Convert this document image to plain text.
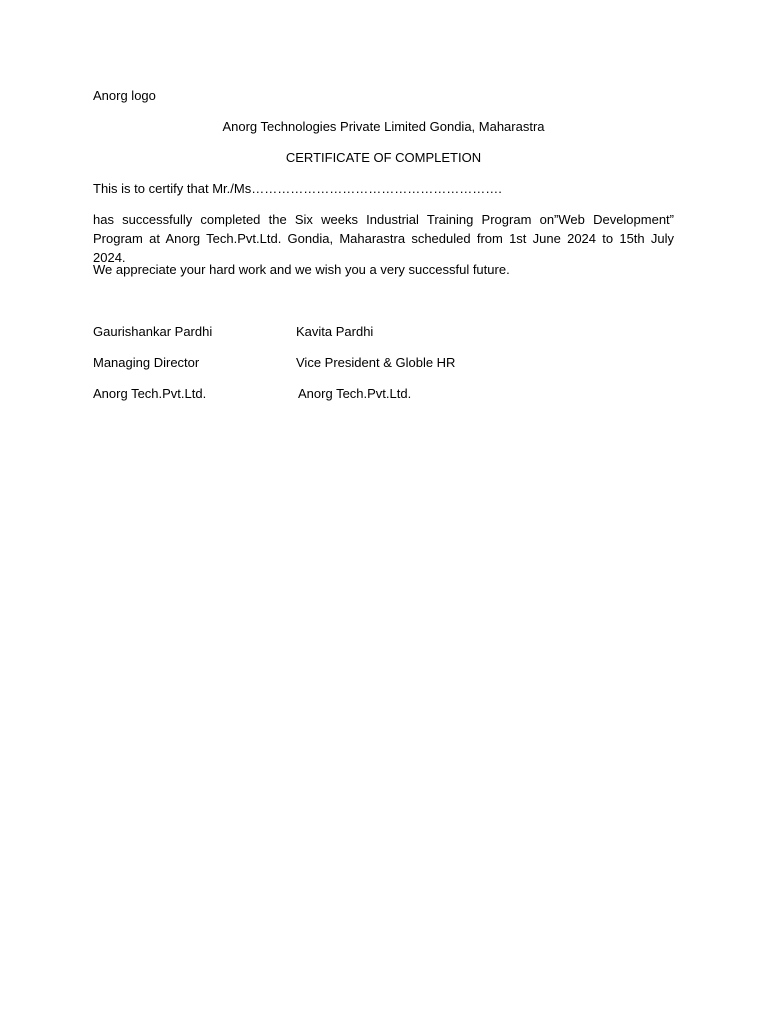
Anorg logo
Anorg Technologies Private Limited Gondia, Maharastra
CERTIFICATE OF COMPLETION
This is to certify that Mr./Ms………………………………………………….
has successfully completed the Six weeks Industrial Training Program on”Web Development” Program at Anorg Tech.Pvt.Ltd. Gondia, Maharastra scheduled from 1st June 2024 to 15th July 2024.
We appreciate your hard work and we wish you a very successful future.
Gaurishankar Pardhi	Kavita Pardhi
Managing Director	Vice President & Globle HR
Anorg Tech.Pvt.Ltd.	Anorg Tech.Pvt.Ltd.
